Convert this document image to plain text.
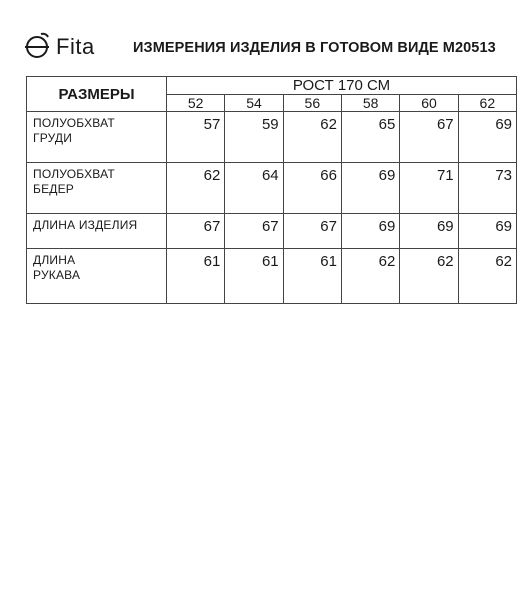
Fita	ИЗМЕРЕНИЯ ИЗДЕЛИЯ В ГОТОВОМ ВИДЕ М20513
РАЗМЕРЫ	РОСТ 170 СМ					
	52	54	56	58	60	62

ПОЛУОБХВАТ
ГРУДИ	57	59	62	65	67	69

ПОЛУОБХВАТ
БЕДЕР	62	64	66	69	71	73

ДЛИНА ИЗДЕЛИЯ	67	67	67	69	69	69

ДЛИНА
РУКАВА	61	61	61	62	62	62
